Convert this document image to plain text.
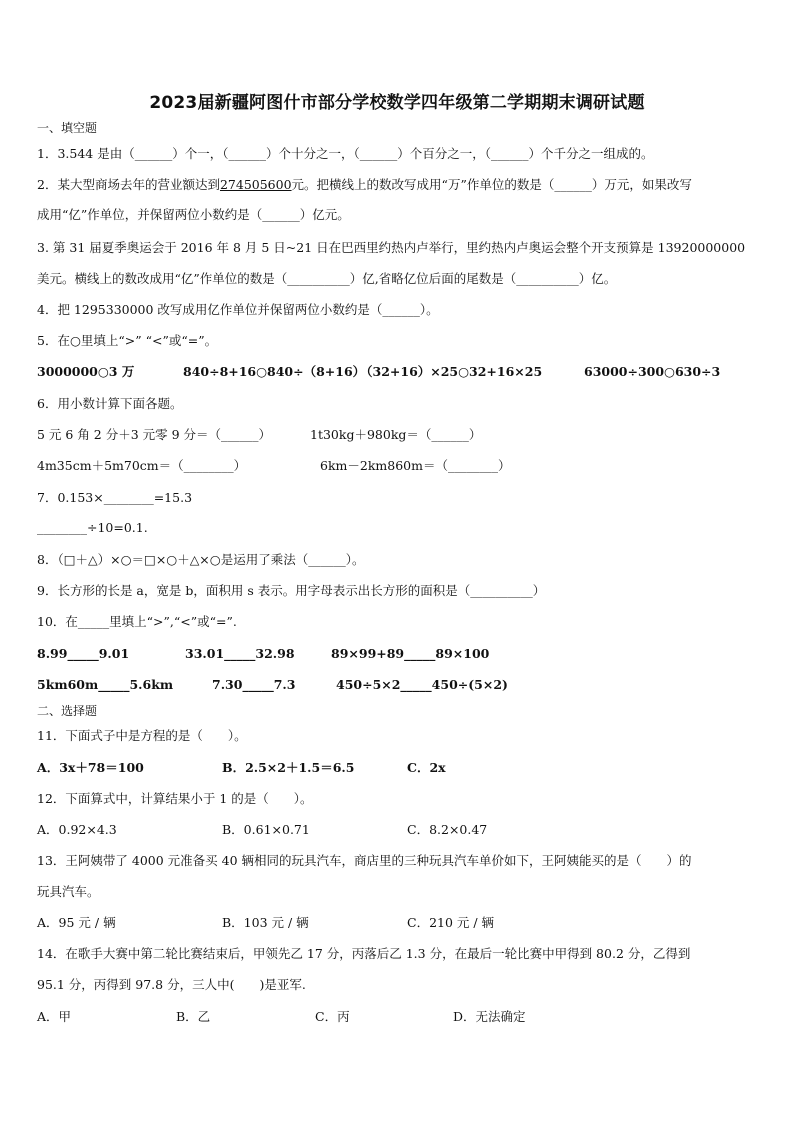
2023届新疆阿图什市部分学校数学四年级第二学期期末调研试题
一、填空题
1．3.544 是由（______）个一，（______）个十分之一，（______）个百分之一，（______）个千分之一组成的。
2．某大型商场去年的营业额达到274505600元。把横线上的数改写成用“万”作单位的数是（______）万元，如果改写
成用“亿”作单位，并保留两位小数约是（______）亿元。
3. 第 31 届夏季奥运会于 2016 年 8 月 5 日~21 日在巴西里约热内卢举行，里约热内卢奥运会整个开支预算是 13920000000
美元。横线上的数改成用“亿”作单位的数是（__________）亿,省略亿位后面的尾数是（__________）亿。
4．把 1295330000 改写成用亿作单位并保留两位小数约是（______）。
5．在○里填上“>” “<”或“=”。
3000000○3 万	840÷8+16○840÷（8+16）
（32+16）×25○32+16×25	63000÷300○630÷3
6．用小数计算下面各题。
5 元 6 角 2 分＋3 元零 9 分＝（______）	1t30kg＋980kg＝（______）
4m35cm＋5m70cm＝（________）	6km－2km860m＝（________）
7．0.153×________=15.3
________÷10=0.1.
8．（□＋△）×○＝□×○＋△×○是运用了乘法（______）。
9．长方形的长是 a，宽是 b，面积用 s 表示。用字母表示出长方形的面积是（__________）
10．在_____里填上“>”,“<”或“=”.
8.99_____9.01	33.01_____32.98	89×99+89_____89×100
5km60m_____5.6km	7.30_____7.3	450÷5×2_____450÷(5×2)
二、选择题
11．下面式子中是方程的是（　　）。
A．3x＋78＝100	B．2.5×2＋1.5＝6.5	C．2x
12．下面算式中，计算结果小于 1 的是（　　）。
A．0.92×4.3	B．0.61×0.71	C．8.2×0.47
13．王阿姨带了 4000 元准备买 40 辆相同的玩具汽车，商店里的三种玩具汽车单价如下，王阿姨能买的是（　　）的
玩具汽车。
A．95 元 / 辆	B．103 元 / 辆	C．210 元 / 辆
14．在歌手大赛中第二轮比赛结束后，甲领先乙 17 分，丙落后乙 1.3 分，在最后一轮比赛中甲得到 80.2 分，乙得到
95.1 分，丙得到 97.8 分，三人中(　　)是亚军.
A．甲	B．乙	C．丙	D．无法确定
